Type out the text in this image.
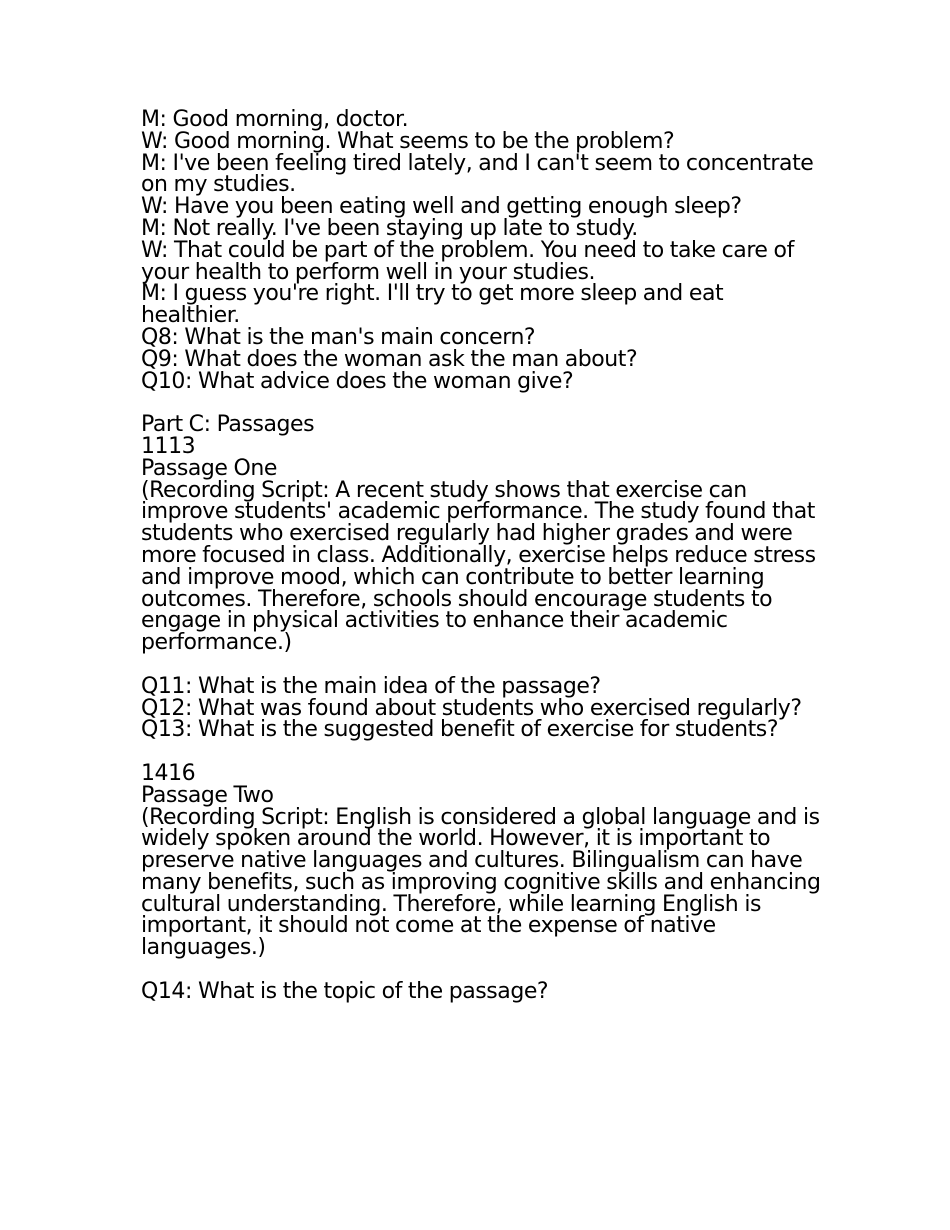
M: Good morning, doctor.

W: Good morning. What seems to be the problem?

M: I've been feeling tired lately, and I can't seem to concentrate on my studies.

W: Have you been eating well and getting enough sleep?

M: Not really. I've been staying up late to study.

W: That could be part of the problem. You need to take care of your health to perform well in your studies.

M: I guess you're right. I'll try to get more sleep and eat healthier.

Q8: What is the man's main concern?

Q9: What does the woman ask the man about?

Q10: What advice does the woman give?

Part C: Passages

1113

Passage One

(Recording Script: A recent study shows that exercise can improve students' academic performance. The study found that students who exercised regularly had higher grades and were more focused in class. Additionally, exercise helps reduce stress and improve mood, which can contribute to better learning outcomes. Therefore, schools should encourage students to engage in physical activities to enhance their academic performance.)

Q11: What is the main idea of the passage?

Q12: What was found about students who exercised regularly?

Q13: What is the suggested benefit of exercise for students?

1416

Passage Two

(Recording Script: English is considered a global language and is widely spoken around the world. However, it is important to preserve native languages and cultures. Bilingualism can have many benefits, such as improving cognitive skills and enhancing cultural understanding. Therefore, while learning English is important, it should not come at the expense of native languages.)

Q14: What is the topic of the passage?
